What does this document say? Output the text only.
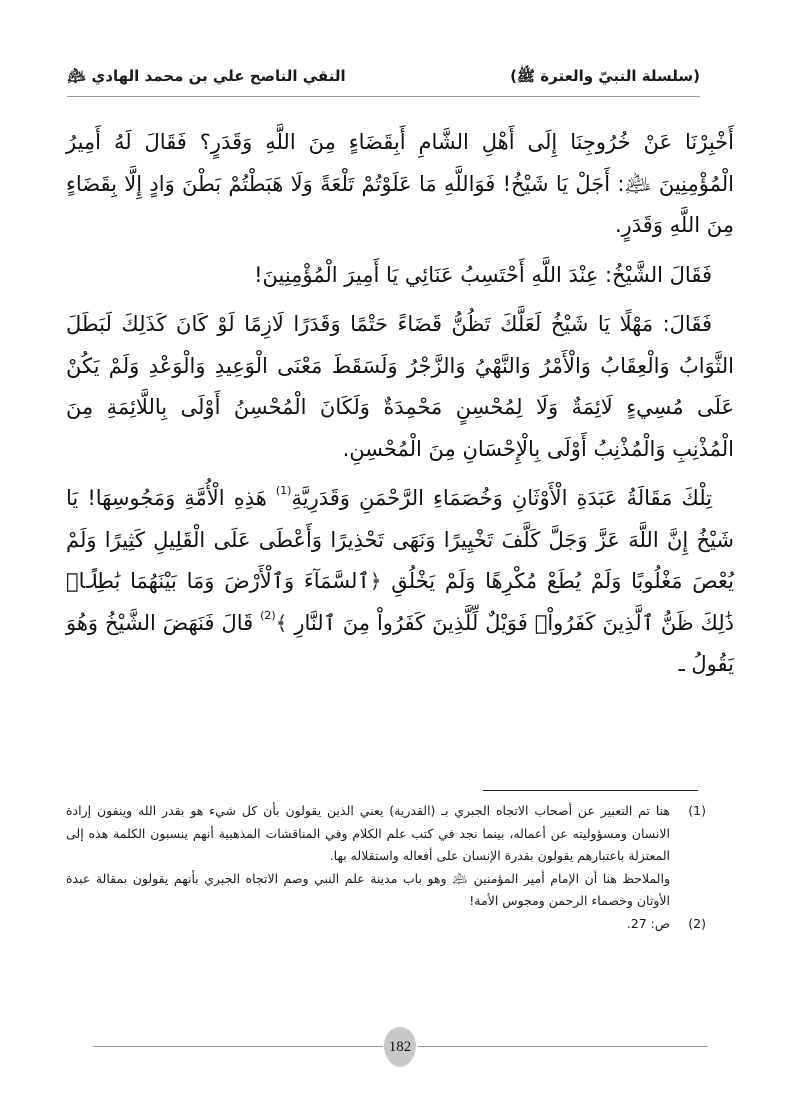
(سلسلة النبيّ والعترة ﷺ)
النقي الناصح علي بن محمد الهادي ﵇

أَخْبِرْنَا عَنْ خُرُوجِنَا إِلَى أَهْلِ الشَّامِ أَبِقَضَاءٍ مِنَ اللَّهِ وَقَدَرٍ؟ فَقَالَ لَهُ أَمِيرُ الْمُؤْمِنِينَ ﵇: أَجَلْ يَا شَيْخُ! فَوَاللَّهِ مَا عَلَوْتُمْ تَلْعَةً وَلَا هَبَطْتُمْ بَطْنَ وَادٍ إِلَّا بِقَضَاءٍ مِنَ اللَّهِ وَقَدَرٍ.

فَقَالَ الشَّيْخُ: عِنْدَ اللَّهِ أَحْتَسِبُ عَنَائِي يَا أَمِيرَ الْمُؤْمِنِينَ!

فَقَالَ: مَهْلًا يَا شَيْخُ لَعَلَّكَ تَظُنُّ قَضَاءً حَتْمًا وَقَدَرًا لَازِمًا لَوْ كَانَ كَذَلِكَ لَبَطَلَ الثَّوَابُ وَالْعِقَابُ وَالْأَمْرُ وَالنَّهْيُ وَالزَّجْرُ وَلَسَقَطَ مَعْنَى الْوَعِيدِ وَالْوَعْدِ وَلَمْ يَكُنْ عَلَى مُسِيءٍ لَائِمَةٌ وَلَا لِمُحْسِنٍ مَحْمِدَةٌ وَلَكَانَ الْمُحْسِنُ أَوْلَى بِاللَّائِمَةِ مِنَ الْمُذْنِبِ وَالْمُذْنِبُ أَوْلَى بِالْإِحْسَانِ مِنَ الْمُحْسِنِ.

تِلْكَ مَقَالَةُ عَبَدَةِ الْأَوْثَانِ وَخُصَمَاءِ الرَّحْمَنِ وَقَدَرِيَّةِ$^{(1)}$ هَذِهِ الْأُمَّةِ وَمَجُوسِهَا! يَا شَيْخُ إِنَّ اللَّهَ عَزَّ وَجَلَّ كَلَّفَ تَخْيِيرًا وَنَهَى تَحْذِيرًا وَأَعْطَى عَلَى الْقَلِيلِ كَثِيرًا وَلَمْ يُعْصَ مَغْلُوبًا وَلَمْ يُطَعْ مُكْرِهًا وَلَمْ يَخْلُقِ ﴿ٱلسَّمَآءَ وَٱلْأَرْضَ وَمَا بَيْنَهُمَا بَٰطِلًاۚ ذَٰلِكَ ظَنُّ ٱلَّذِينَ كَفَرُواْۚ فَوَيْلٌ لِّلَّذِينَ كَفَرُواْ مِنَ ٱلنَّارِ ﴾$^{(2)}$ قَالَ فَنَهَضَ الشَّيْخُ وَهُوَ يَقُولُ ـ

(1)

هنا تم التعبير عن أصحاب الاتجاه الجبري بـ (القدرية) يعني الذين يقولون بأن كل شيء هو بقدر الله وينفون إرادة الانسان ومسؤوليته عن أعماله، بينما نجد في كتب علم الكلام وفي المناقشات المذهبية أنهم ينسبون الكلمة هذه إلى المعتزلة باعتبارهم يقولون بقدرة الإنسان على أفعاله واستقلاله بها.

والملاحظ هنا أن الإمام أمير المؤمنين ﵇ وهو باب مدينة علم النبي وصم الاتجاه الجبري بأنهم يقولون بمقالة عبدة الأوثان وخصماء الرحمن ومجوس الأمة!

(2)

ص: 27.

182
